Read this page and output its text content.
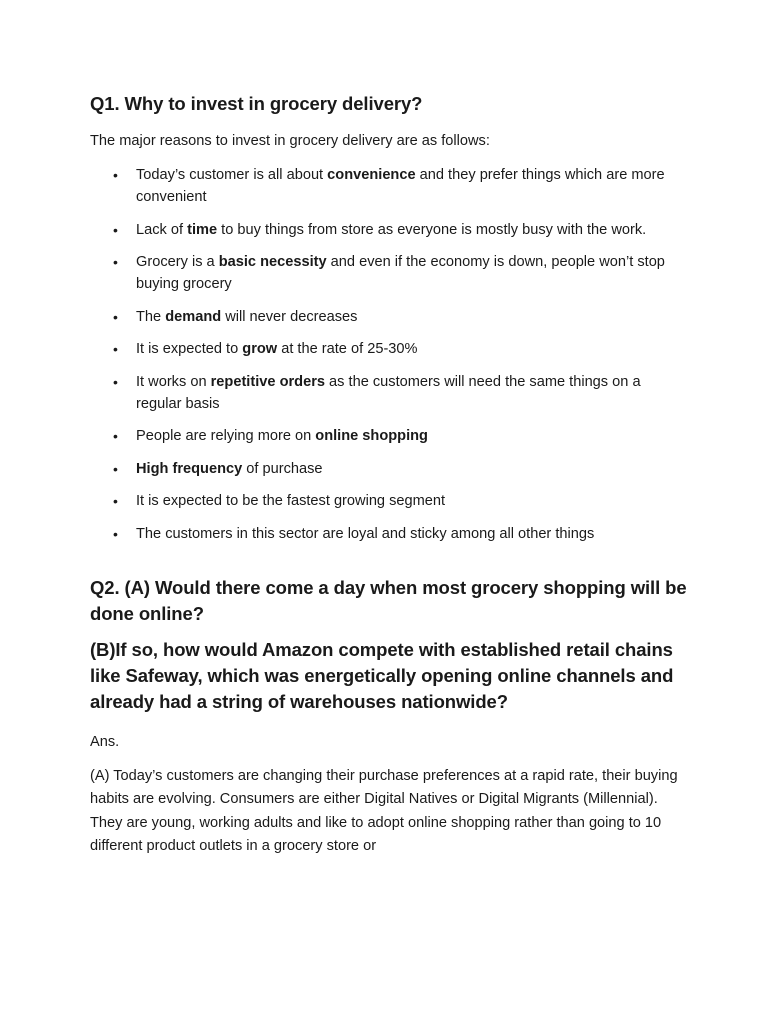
Q1. Why to invest in grocery delivery?

The major reasons to invest in grocery delivery are as follows:

• Today’s customer is all about convenience and they prefer things which are more convenient
• Lack of time to buy things from store as everyone is mostly busy with the work.
• Grocery is a basic necessity and even if the economy is down, people won’t stop buying grocery
• The demand will never decreases
• It is expected to grow at the rate of 25-30%
• It works on repetitive orders as the customers will need the same things on a regular basis
• People are relying more on online shopping
• High frequency of purchase
• It is expected to be the fastest growing segment
• The customers in this sector are loyal and sticky among all other things
Q2. (A) Would there come a day when most grocery shopping will be done online?
(B)If so, how would Amazon compete with established retail chains like Safeway, which was energetically opening online channels and already had a string of warehouses nationwide?

Ans.

(A) Today’s customers are changing their purchase preferences at a rapid rate, their buying habits are evolving. Consumers are either Digital Natives or Digital Migrants (Millennial). They are young, working adults and like to adopt online shopping rather than going to 10 different product outlets in a grocery store or
